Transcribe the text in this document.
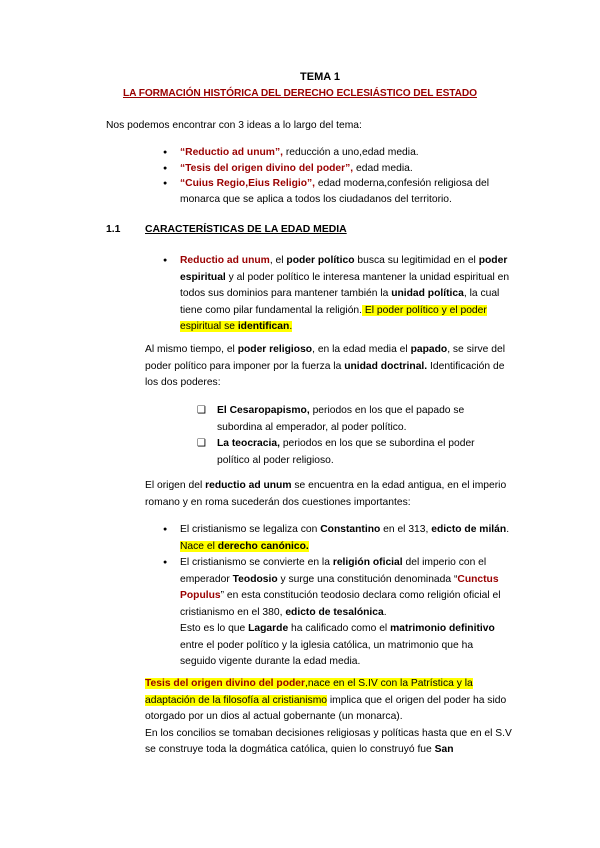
TEMA 1
LA FORMACIÓN HISTÓRICA DEL DERECHO ECLESIÁSTICO DEL ESTADO
Nos podemos encontrar con 3 ideas a lo largo del tema:
● “Reductio ad unum”, reducción a uno,edad media.
● “Tesis del origen divino del poder”, edad media.
● “Cuius Regio,Eius Religio”, edad moderna,confesión religiosa del monarca que se aplica a todos los ciudadanos del territorio.
1.1 CARACTERÍSTICAS DE LA EDAD MEDIA
● Reductio ad unum, el poder político busca su legitimidad en el poder espiritual y al poder político le interesa mantener la unidad espiritual en todos sus dominios para mantener también la unidad política, la cual tiene como pilar fundamental la religión. El poder político y el poder espiritual se identifican.
Al mismo tiempo, el poder religioso, en la edad media el papado, se sirve del poder político para imponer por la fuerza la unidad doctrinal. Identificación de los dos poderes:
❑ El Cesaropapismo, periodos en los que el papado se subordina al emperador, al poder político.
❑ La teocracia, periodos en los que se subordina el poder político al poder religioso.
El origen del reductio ad unum se encuentra en la edad antigua, en el imperio romano y en roma sucederán dos cuestiones importantes:
● El cristianismo se legaliza con Constantino en el 313, edicto de milán. Nace el derecho canónico.
● El cristianismo se convierte en la religión oficial del imperio con el emperador Teodosio y surge una constitución denominada “Cunctus Populus” en esta constitución teodosio declara como religión oficial el cristianismo en el 380, edicto de tesalónica.
Esto es lo que Lagarde ha calificado como el matrimonio definitivo entre el poder político y la iglesia católica, un matrimonio que ha seguido vigente durante la edad media.
Tesis del origen divino del poder,nace en el S.IV con la Patrística y la adaptación de la filosofía al cristianismo implica que el origen del poder ha sido otorgado por un dios al actual gobernante (un monarca).
En los concilios se tomaban decisiones religiosas y políticas hasta que en el S.V se construye toda la dogmática católica, quien lo construyó fue San
